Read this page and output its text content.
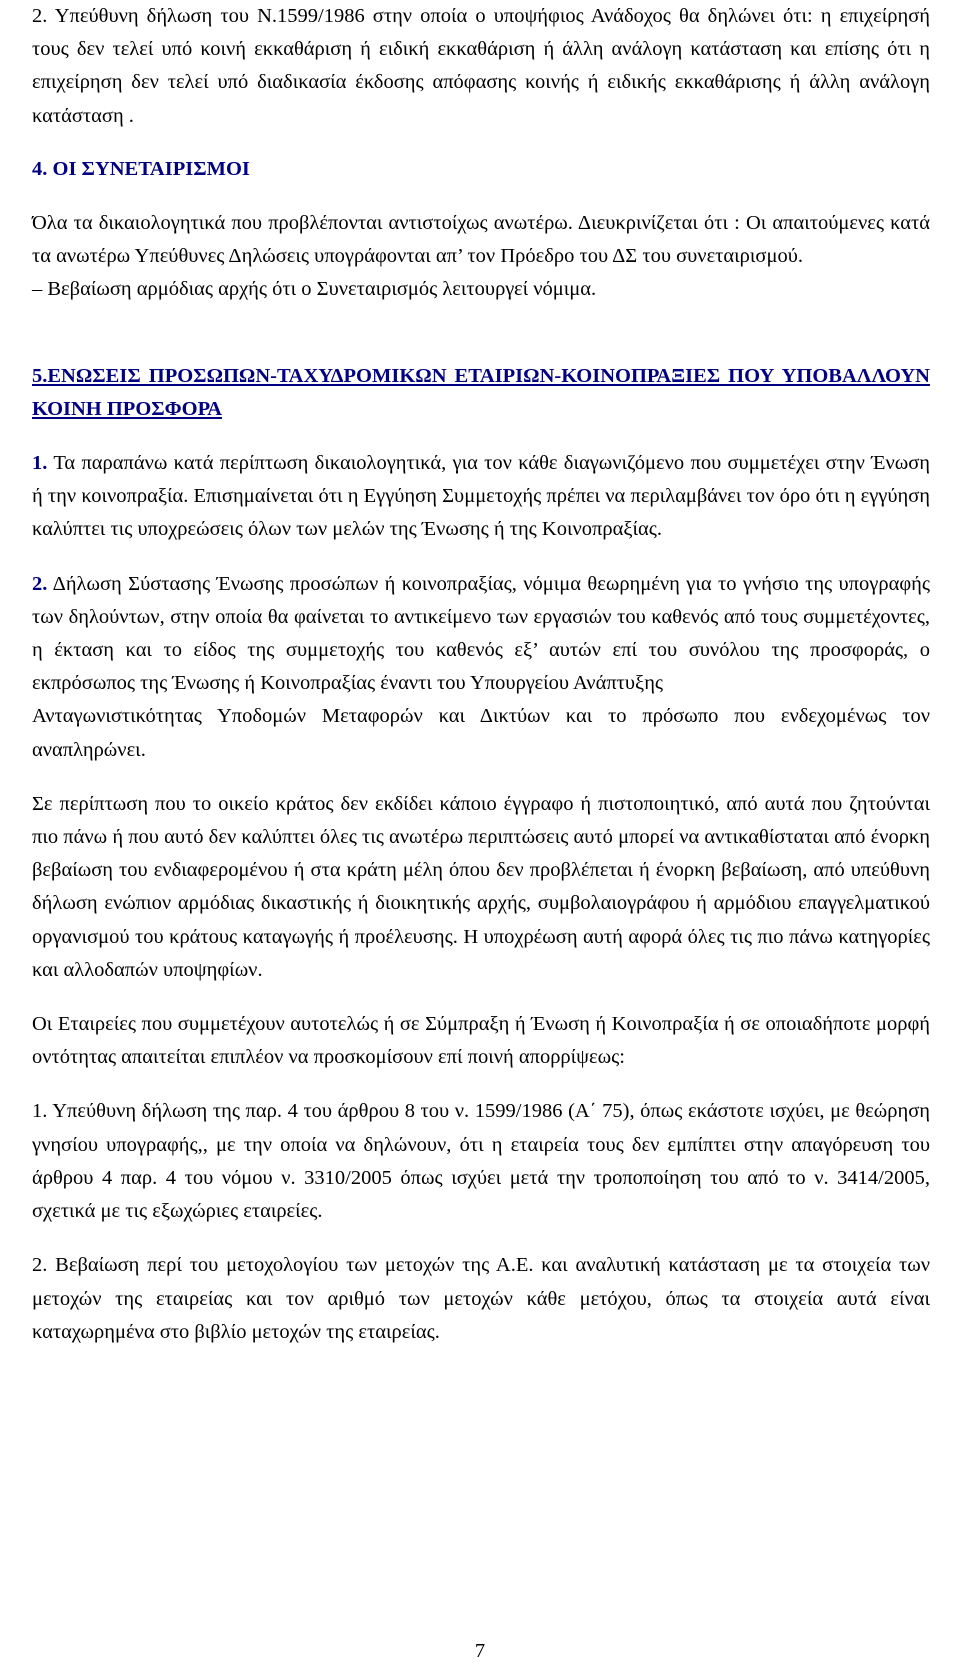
2. Υπεύθυνη δήλωση του Ν.1599/1986 στην οποία ο υποψήφιος Ανάδοχος θα δηλώνει ότι: η επιχείρησή τους δεν τελεί υπό κοινή εκκαθάριση ή ειδική εκκαθάριση ή άλλη ανάλογη κατάσταση και επίσης ότι η επιχείρηση δεν τελεί υπό διαδικασία έκδοσης απόφασης κοινής ή ειδικής εκκαθάρισης ή άλλη ανάλογη κατάσταση .

4. ΟΙ ΣΥΝΕΤΑΙΡΙΣΜΟΙ

Όλα τα δικαιολογητικά που προβλέπονται αντιστοίχως ανωτέρω. Διευκρινίζεται ότι : Οι απαιτούμενες κατά τα ανωτέρω Υπεύθυνες Δηλώσεις υπογράφονται απ’ τον Πρόεδρο του ΔΣ του συνεταιρισμού.

– Βεβαίωση αρμόδιας αρχής ότι ο Συνεταιρισμός λειτουργεί νόμιμα.

5.ΕΝΩΣΕΙΣ ΠΡΟΣΩΠΩΝ-ΤΑΧΥΔΡΟΜΙΚΩΝ ΕΤΑΙΡΙΩΝ-ΚΟΙΝΟΠΡΑΞΙΕΣ ΠΟΥ ΥΠΟΒΑΛΛΟΥΝ ΚΟΙΝΗ ΠΡΟΣΦΟΡΑ

1. Τα παραπάνω κατά περίπτωση δικαιολογητικά, για τον κάθε διαγωνιζόμενο που συμμετέχει στην Ένωση ή την κοινοπραξία. Επισημαίνεται ότι η Εγγύηση Συμμετοχής πρέπει να περιλαμβάνει τον όρο ότι η εγγύηση καλύπτει τις υποχρεώσεις όλων των μελών της Ένωσης ή της Κοινοπραξίας.

2. Δήλωση Σύστασης Ένωσης προσώπων ή κοινοπραξίας, νόμιμα θεωρημένη για το γνήσιο της υπογραφής των δηλούντων, στην οποία θα φαίνεται το αντικείμενο των εργασιών του καθενός από τους συμμετέχοντες, η έκταση και το είδος της συμμετοχής του καθενός εξ’ αυτών επί του συνόλου της προσφοράς, ο εκπρόσωπος της Ένωσης ή Κοινοπραξίας έναντι του Υπουργείου Ανάπτυξης

Ανταγωνιστικότητας Υποδομών Μεταφορών και Δικτύων και το πρόσωπο που ενδεχομένως τον αναπληρώνει.

Σε περίπτωση που το οικείο κράτος δεν εκδίδει κάποιο έγγραφο ή πιστοποιητικό, από αυτά που ζητούνται πιο πάνω ή που αυτό δεν καλύπτει όλες τις ανωτέρω περιπτώσεις αυτό μπορεί να αντικαθίσταται από ένορκη βεβαίωση του ενδιαφερομένου ή στα κράτη μέλη όπου δεν προβλέπεται ή ένορκη βεβαίωση, από υπεύθυνη δήλωση ενώπιον αρμόδιας δικαστικής ή διοικητικής αρχής, συμβολαιογράφου ή αρμόδιου επαγγελματικού οργανισμού του κράτους καταγωγής ή προέλευσης. Η υποχρέωση αυτή αφορά όλες τις πιο πάνω κατηγορίες και αλλοδαπών υποψηφίων.

Οι Εταιρείες που συμμετέχουν αυτοτελώς ή σε Σύμπραξη ή Ένωση ή Κοινοπραξία ή σε οποιαδήποτε μορφή οντότητας απαιτείται επιπλέον να προσκομίσουν επί ποινή απορρίψεως:

1. Υπεύθυνη δήλωση της παρ. 4 του άρθρου 8 του ν. 1599/1986 (Α΄ 75), όπως εκάστοτε ισχύει, με θεώρηση γνησίου υπογραφής,, με την οποία να δηλώνουν, ότι η εταιρεία τους δεν εμπίπτει στην απαγόρευση του άρθρου 4 παρ. 4 του νόμου ν. 3310/2005 όπως ισχύει μετά την τροποποίηση του από το ν. 3414/2005, σχετικά με τις εξωχώριες εταιρείες.

2. Βεβαίωση περί του μετοχολογίου των μετοχών της Α.Ε. και αναλυτική κατάσταση με τα στοιχεία των μετοχών της εταιρείας και τον αριθμό των μετοχών κάθε μετόχου, όπως τα στοιχεία αυτά είναι καταχωρημένα στο βιβλίο μετοχών της εταιρείας.

7
